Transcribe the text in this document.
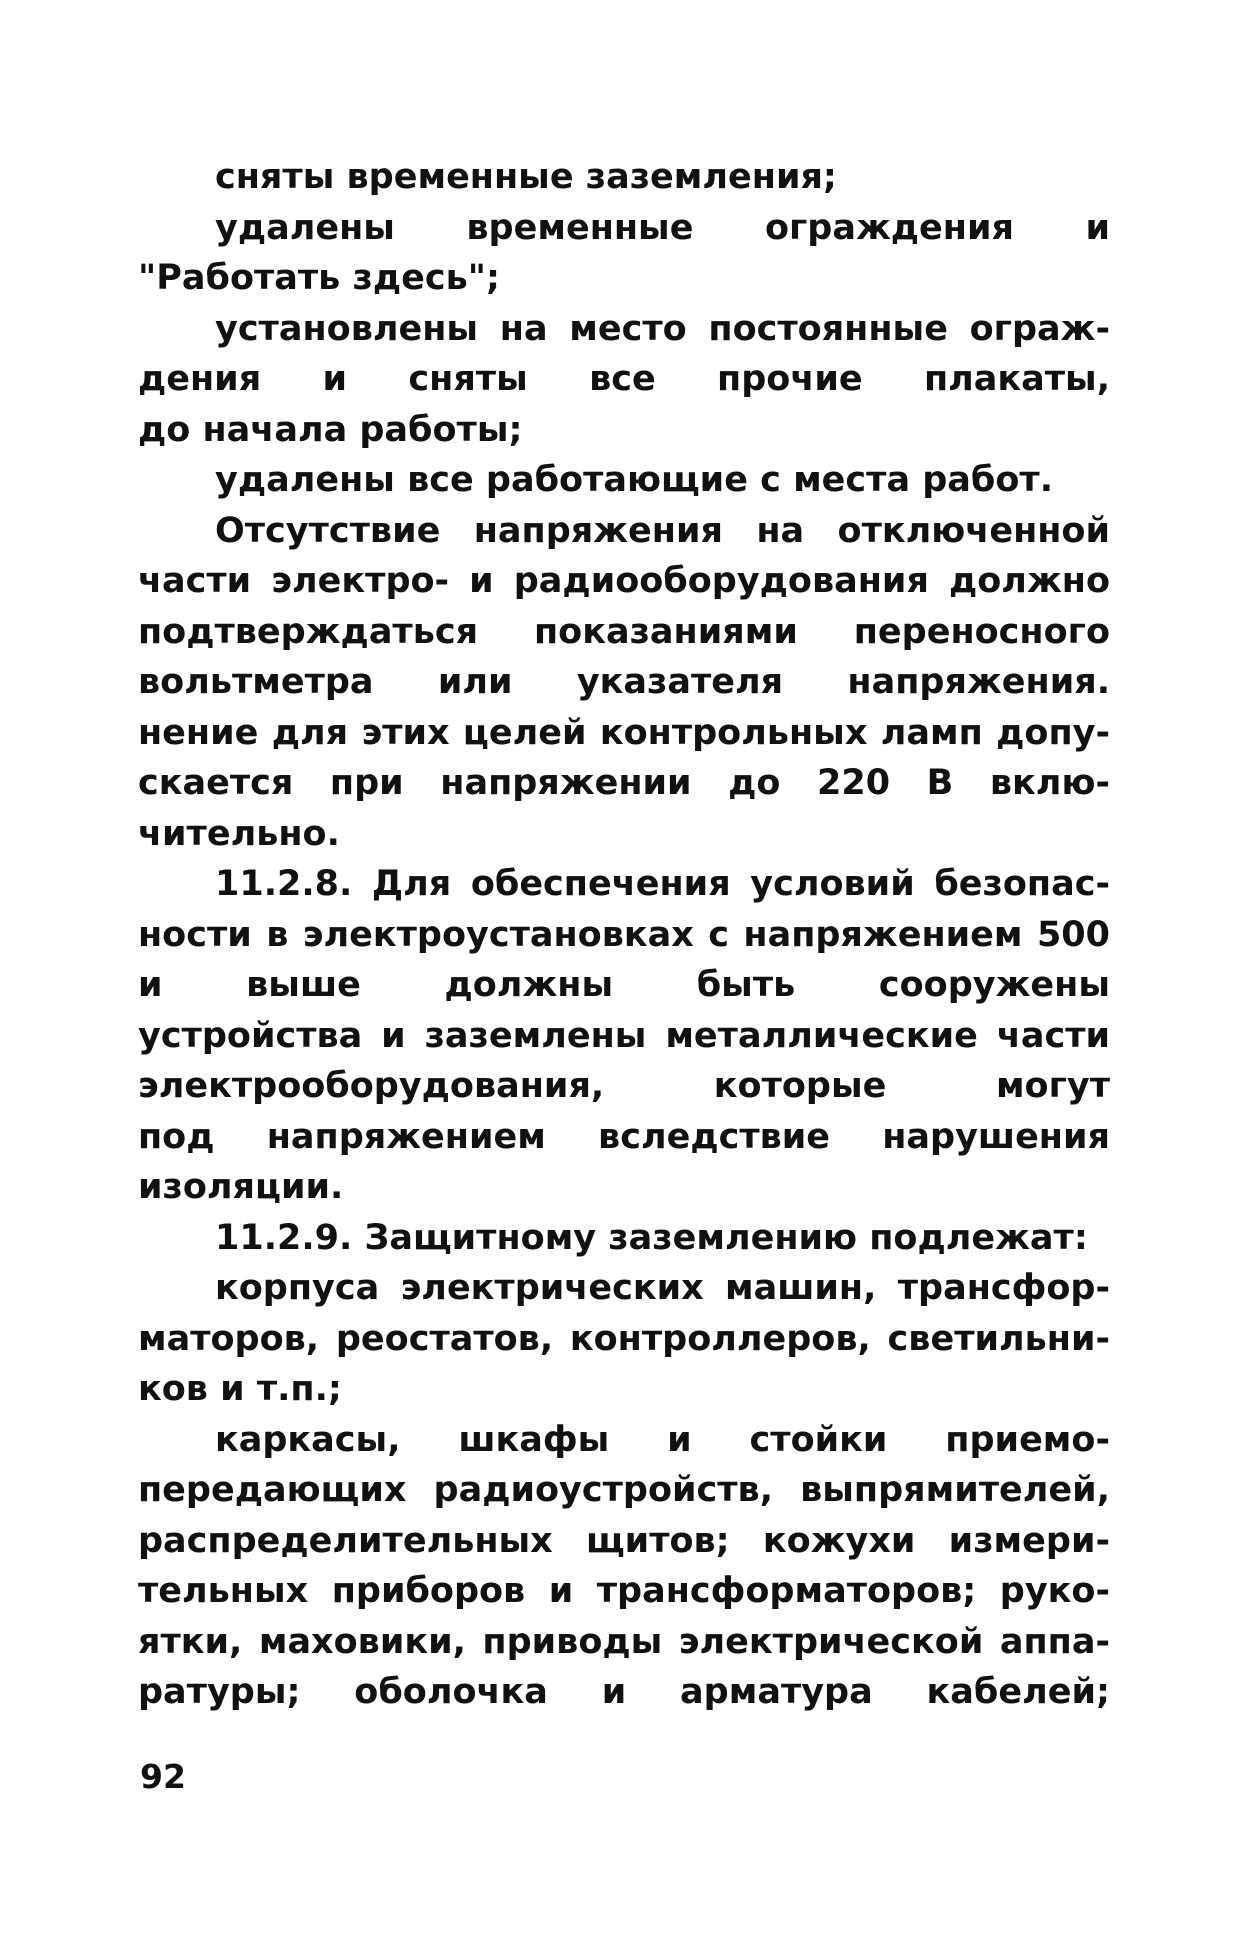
сняты временные заземления;
удалены временные ограждения и
"Работать здесь";
установлены на место постоянные ограж-
дения и сняты все прочие плакаты,
до начала работы;
удалены все работающие с места работ.
Отсутствие напряжения на отключенной
части электро- и радиооборудования должно
подтверждаться показаниями переносного
вольтметра или указателя напряжения.
нение для этих целей контрольных ламп допу-
скается при напряжении до 220 В вклю-
чительно.
11.2.8. Для обеспечения условий безопас-
ности в электроустановках с напряжением 500
и выше должны быть сооружены
устройства и заземлены металлические части
электрооборудования, которые могут
под напряжением вследствие нарушения
изоляции.
11.2.9. Защитному заземлению подлежат:
корпуса электрических машин, трансфор-
маторов, реостатов, контроллеров, светильни-
ков и т.п.;
каркасы, шкафы и стойки приемо-
передающих радиоустройств, выпрямителей,
распределительных щитов; кожухи измери-
тельных приборов и трансформаторов; руко-
ятки, маховики, приводы электрической аппа-
ратуры; оболочка и арматура кабелей;
92
